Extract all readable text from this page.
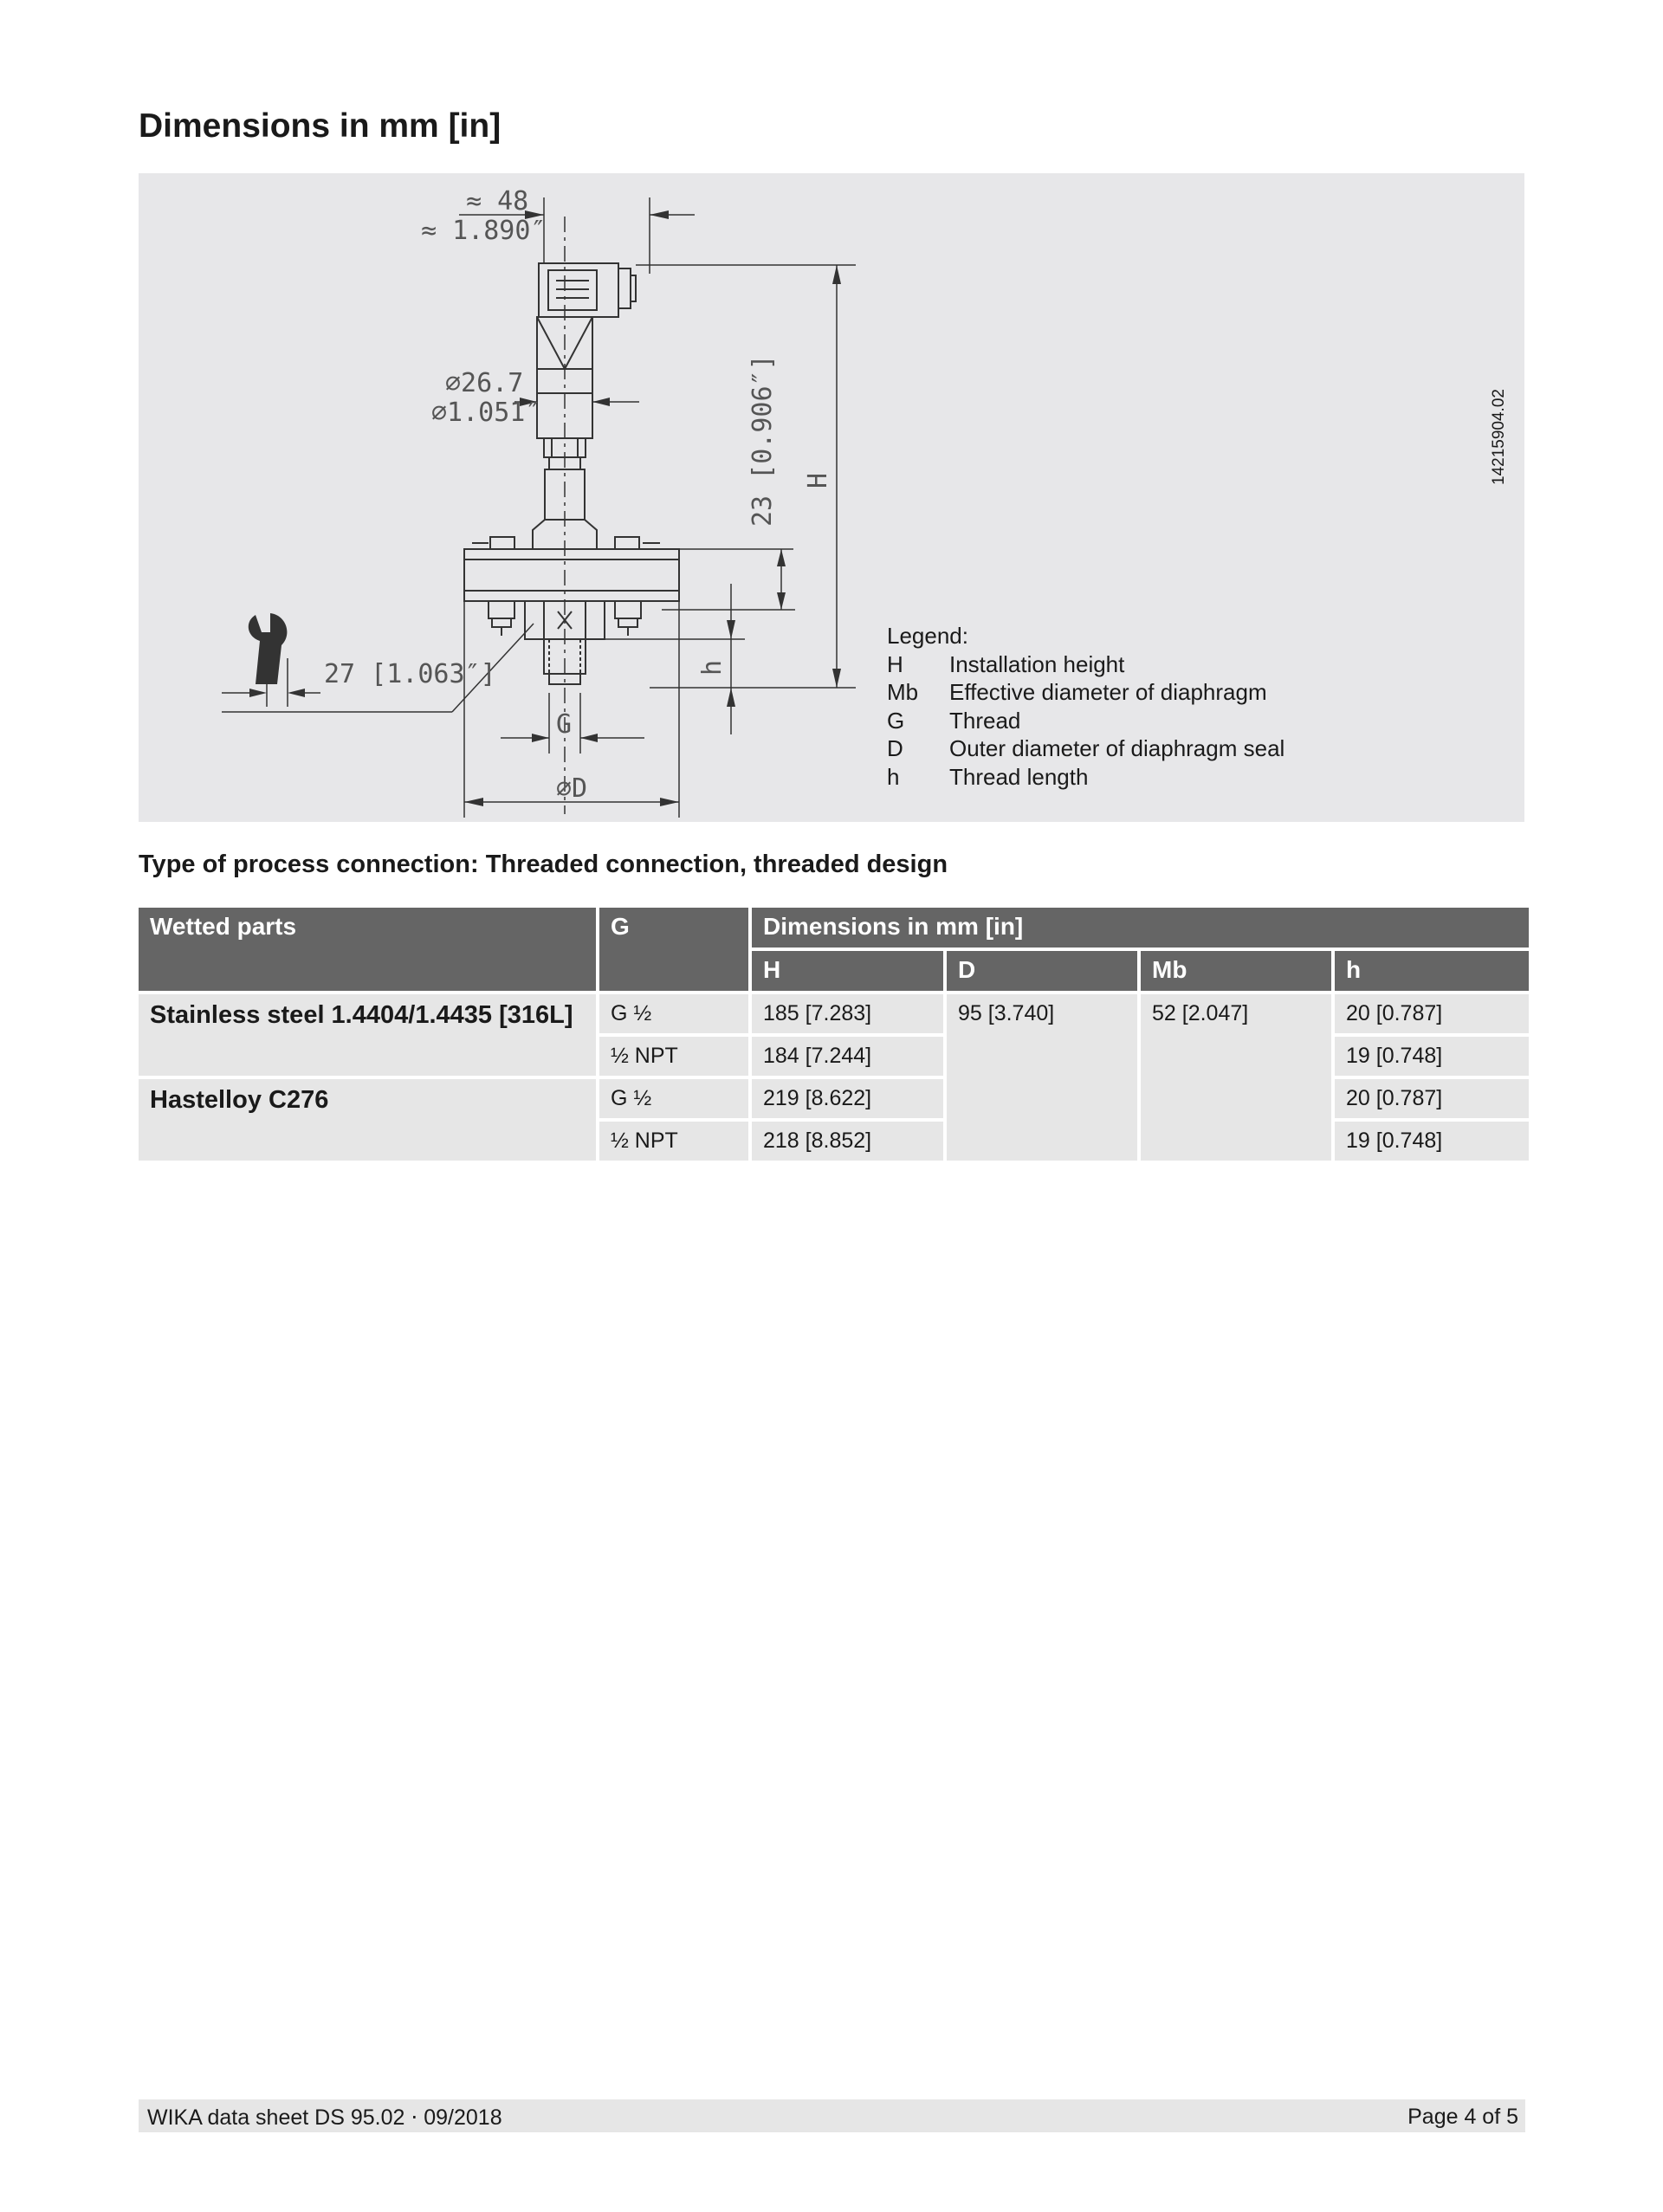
Dimensions in mm [in]
≈ 48
≈ 1.890″
⌀26.7
⌀1.051″	23 [0.906″] H
h
27 [1.063″]
G
⌀D
14215904.02
Legend:
H	Installation height
Mb	Effective diameter of diaphragm
G	Thread
D	Outer diameter of diaphragm seal
h	Thread length
Type of process connection: Threaded connection, threaded design
Wetted parts	G	Dimensions in mm [in]			
		H	D	Mb	h
Stainless steel 1.4404/1.4435 [316L]	G ½	185 [7.283]	95 [3.740]	52 [2.047]	20 [0.787]
	½ NPT	184 [7.244]			19 [0.748]
Hastelloy C276	G ½	219 [8.622]			20 [0.787]
	½ NPT	218 [8.852]			19 [0.748]
WIKA data sheet DS 95.02 ⋅ 09/2018	Page 4 of 5
